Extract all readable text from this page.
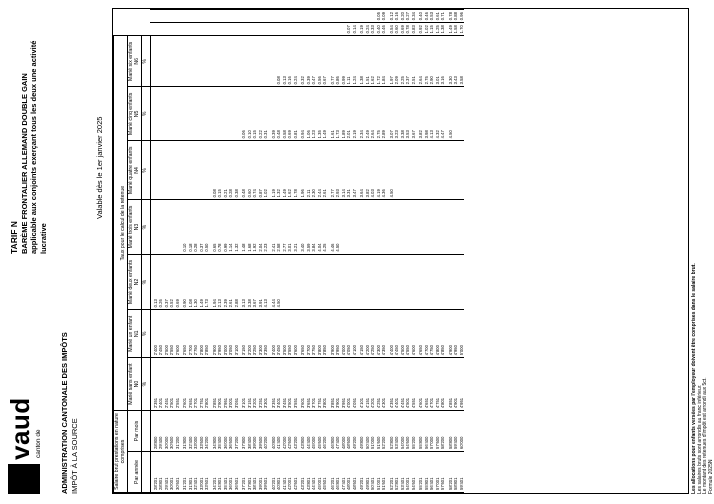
vaud canton de ADMINISTRATION CANTONALE DES IMPÔTS IMPÔT À LA SOURCE
TARIF N BARÈME FRONTALIER ALLEMAND DOUBLE GAIN applicable aux conjoints exerçant tous les deux une activité lucrative
Valable dès le 1er janvier 2025
Salaire brut prestations en nature comprises		Taux pour le calcul de la retenue								
Par année	Par mois	Marié sans enfant N0	Marié un enfant N1	Marié deux enfants N2	Marié trois enfants N3	Marié quatre enfants N4	Marié cinq enfants N5	Marié six enfants N6		
		%	%	%	%	%	%	%		
28'201	28'800	2'351	2'400	0.13						
28'801	29'400	2'401	2'450	0.26						
29'401	30'000	2'451	2'500	0.37						
30'001	30'600	2'501	2'550	0.52						
30'601	31'200	2'551	2'600	0.69						
31'201	31'800	2'601	2'650	0.90	0.10					
31'801	32'400	2'651	2'700	1.08	0.18					
32'401	33'000	2'701	2'750	1.30	0.28					
33'001	33'600	2'751	2'800	1.49	0.37					
33'601	34'200	2'801	2'850	1.73	0.50					
34'201	34'800	2'851	2'900	1.94	0.65	0.08				
34'801	35'400	2'901	2'950	2.13	0.78	0.15				
35'401	36'000	2'951	3'000	2.39	0.99	0.21				
36'001	36'600	3'001	3'050	2.61	1.14	0.28				
36'601	37'200	3'051	3'100	2.88	1.32	0.38				
37'201	37'800	3'101	3'150	3.13	1.48	0.48	0.06			
37'801	38'400	3'151	3'200	3.38	1.68	0.60	0.10			
38'401	39'000	3'201	3'250	3.67	1.92	0.74	0.15			
39'001	39'600	3'251	3'300	3.91	2.04	0.87	0.22			
39'601	40'200	3'301	3'350	4.13	2.23	1.02	0.31			
40'201	40'800	3'351	3'400	4.44	2.41	1.19	0.39			
40'801	41'400	3'401	3'450	4.50	2.58	1.32	0.48	0.08		
41'401	42'000	3'451	3'500		2.77	1.49	0.58	0.13		
42'001	42'600	3'501	3'550		3.01	1.62	0.69	0.16		
42'601	43'200	3'551	3'600		3.21	1.78	0.81	0.24		
43'201	43'800	3'601	3'650		3.40	1.96	0.94	0.32		
43'801	44'400	3'651	3'700		3.59	2.11	1.06	0.39		
44'401	45'000	3'701	3'750		3.84	2.30	1.23	0.47		
45'001	45'600	3'751	3'800		4.04	2.44	1.35	0.56		
45'601	46'200	3'801	3'850		4.25	2.61	1.49	0.67		
46'201	46'800	3'851	3'900		4.46	2.77	1.61	0.77		
46'801	47'400	3'901	3'950		4.50	2.93	1.73	0.86		
47'401	48'000	3'951	4'000			3.14	1.89	0.99		
48'001	48'600	4'001	4'050			3.31	2.01	1.11	0.07	
48'601	49'200	4'051	4'100			3.47	2.19	1.24	0.14	
49'201	49'800	4'101	4'150			3.64	2.34	1.38	0.19	
49'801	50'400	4'151	4'200			3.82	2.49	1.51	0.24	
50'401	51'000	4'201	4'250			4.03	2.64	1.62	0.33	
51'001	51'600	4'251	4'300			4.19	2.75	1.72	0.40	0.05
51'601	52'200	4'301	4'350			4.36	2.89	1.84	0.46	0.09
52'201	52'800	4'351	4'400			4.50	3.07	1.97	0.54	0.12
52'801	53'400	4'401	4'450				3.23	2.09	0.60	0.16
53'401	54'000	4'451	4'500				3.38	2.25	0.69	0.20
54'001	54'600	4'501	4'550				3.53	2.37	0.78	0.27
54'601	55'200	4'551	4'600				3.67	2.51	0.83	0.34
55'201	55'800	4'601	4'650				3.82	2.64	0.92	0.40
55'801	56'400	4'651	4'700				3.98	2.75	1.02	0.46
56'401	57'000	4'701	4'750				4.13	2.90	1.15	0.53
57'001	57'600	4'751	4'800				4.32	3.01	1.25	0.61
57'601	58'200	4'801	4'850				4.47	3.16	1.38	0.71
58'201	58'800	4'851	4'900				4.50	3.30	1.49	0.78
58'801	59'400	4'901	4'950					3.43	1.58	0.88
59'401	60'000	4'951	5'000					3.58	1.70	0.96
Les allocations pour enfants versées par l'employeur doivent être comprises dans le salaire brut. Les salaires bruts sont arrondis au franc inférieur. Le montant des retenues d'impôt est arrondi aux 5ct. Formule 2025N
